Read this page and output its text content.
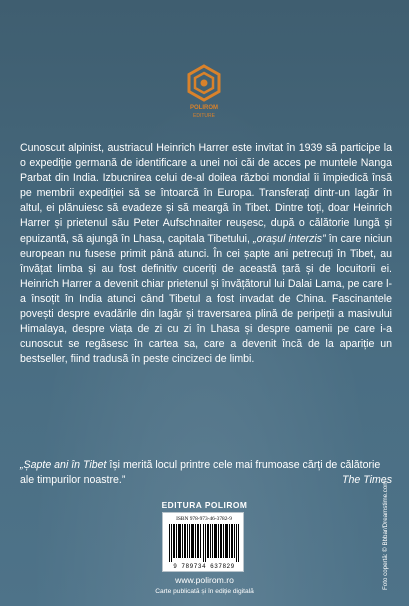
POLIROM
EDITURE

Cunoscut alpinist, austriacul Heinrich Harrer este invitat în 1939 să participe la o expediție germană de identificare a unei noi căi de acces pe muntele Nanga Parbat din India. Izbucnirea celui de-al doilea război mondial îi împiedică însă pe membrii expediției să se întoarcă în Europa. Transferați dintr-un lagăr în altul, ei plănuiesc să evadeze și să meargă în Tibet. Dintre toți, doar Heinrich Harrer și prietenul său Peter Aufschnaiter reușesc, după o călătorie lungă și epuizantă, să ajungă în Lhasa, capitala Tibetului, „orașul interzis” în care niciun european nu fusese primit până atunci. În cei șapte ani petrecuți în Tibet, au învățat limba și au fost definitiv cuceriți de această țară și de locuitorii ei. Heinrich Harrer a devenit chiar prietenul și învățătorul lui Dalai Lama, pe care l-a însoțit în India atunci când Tibetul a fost invadat de China. Fascinantele povești despre evadările din lagăr și traversarea plină de peripeții a masivului Himalaya, despre viața de zi cu zi în Lhasa și despre oamenii pe care i-a cunoscut se regăsesc în cartea sa, care a devenit încă de la apariție un bestseller, fiind tradusă în peste cincizeci de limbi.

„Șapte ani în Tibet își merită locul printre cele mai frumoase cărți de călătorie ale timpurilor noastre.”	The Times
EDITURA POLIROM
ISBN 978-973-46-3782-9
9 789734 637829
www.polirom.ro
Carte publicată și în ediție digitală
Foto copertă: © Bbbar/Dreamstime.com
